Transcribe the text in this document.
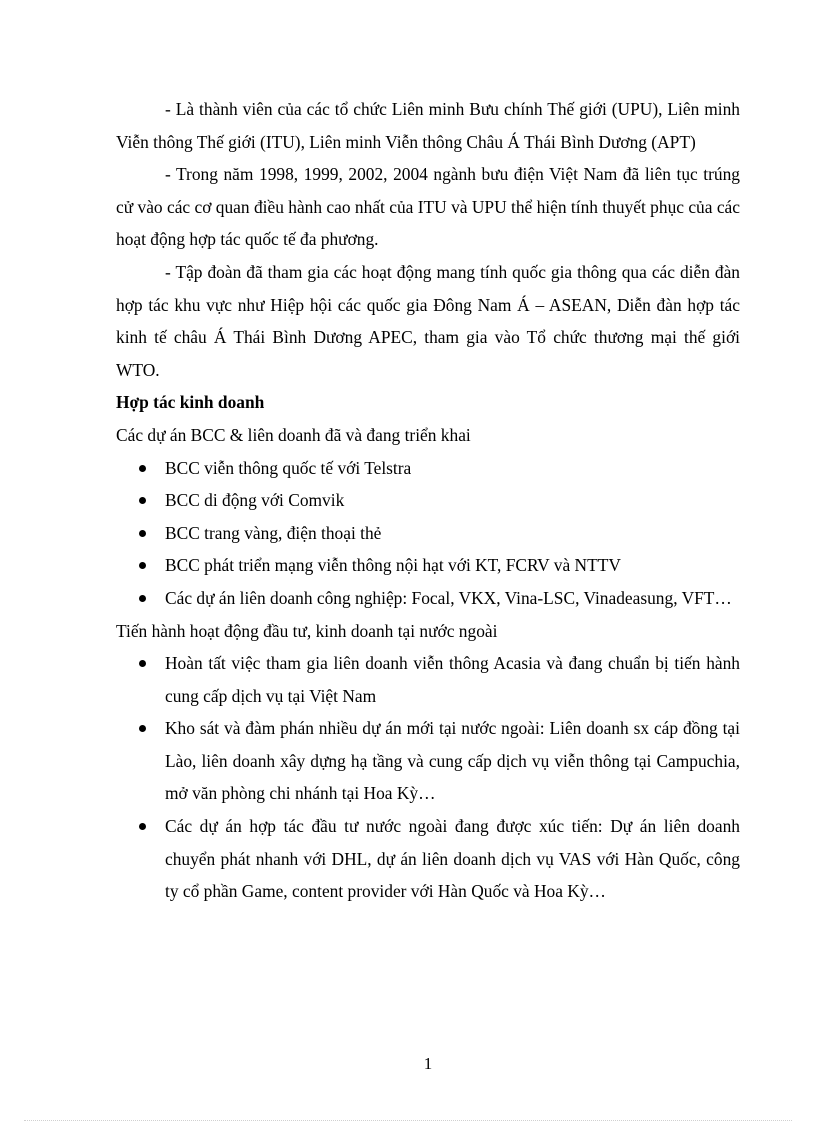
- Là thành viên của các tổ chức Liên minh Bưu chính Thế giới (UPU), Liên minh Viễn thông Thế giới (ITU), Liên minh Viễn thông Châu Á Thái Bình Dương (APT)

- Trong năm 1998, 1999, 2002, 2004 ngành bưu điện Việt Nam đã liên tục trúng cử vào các cơ quan điều hành cao nhất của ITU và UPU thể hiện tính thuyết phục của các hoạt động hợp tác quốc tế đa phương.

- Tập đoàn đã tham gia các hoạt động mang tính quốc gia thông qua các diễn đàn hợp tác khu vực như Hiệp hội các quốc gia Đông Nam Á – ASEAN, Diễn đàn hợp tác kinh tế châu Á Thái Bình Dương APEC, tham gia vào Tổ chức thương mại thế giới WTO.

Hợp tác kinh doanh

Các dự án BCC & liên doanh đã và đang triển khai

BCC viễn thông quốc tế với Telstra
BCC di động với Comvik
BCC trang vàng, điện thoại thẻ
BCC phát triển mạng viễn thông nội hạt với KT, FCRV và NTTV
Các dự án liên doanh công nghiệp: Focal, VKX, Vina-LSC, Vinadeasung, VFT…

Tiến hành hoạt động đầu tư, kinh doanh tại nước ngoài

Hoàn tất việc tham gia liên doanh viễn thông Acasia và đang chuẩn bị tiến hành cung cấp dịch vụ tại Việt Nam
Kho sát và đàm phán nhiều dự án mới tại nước ngoài: Liên doanh sx cáp đồng tại Lào, liên doanh xây dựng hạ tầng và cung cấp dịch vụ viễn thông tại Campuchia, mở văn phòng chi nhánh tại Hoa Kỳ…
Các dự án hợp tác đầu tư nước ngoài đang được xúc tiến: Dự án liên doanh chuyển phát nhanh với DHL, dự án liên doanh dịch vụ VAS với Hàn Quốc, công ty cổ phần Game, content provider với Hàn Quốc và Hoa Kỳ…
1
